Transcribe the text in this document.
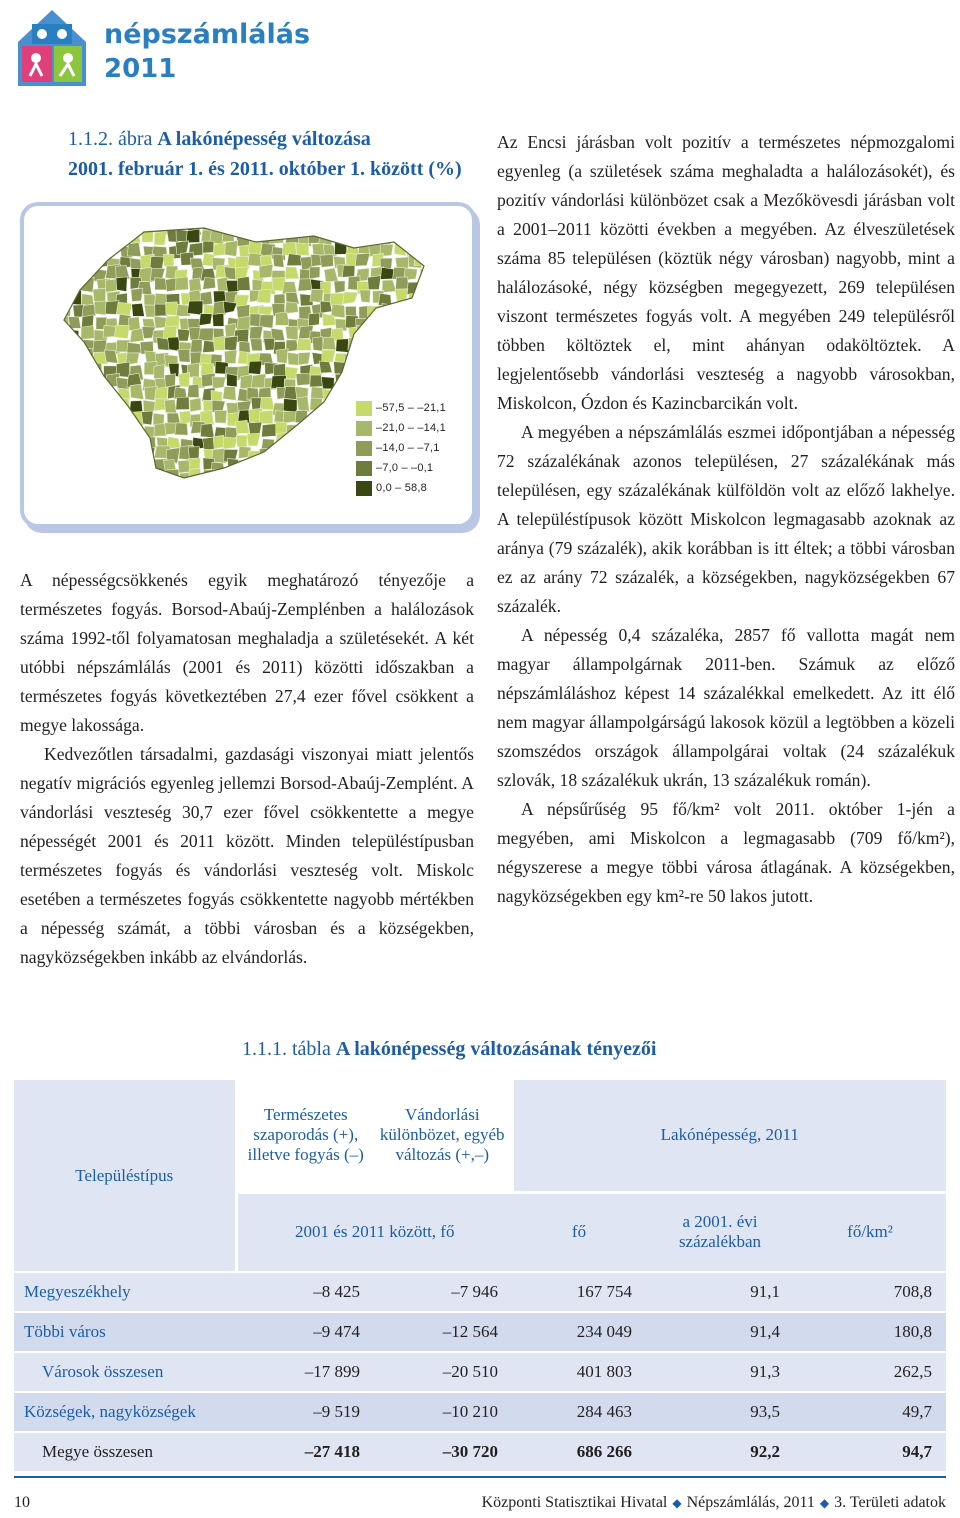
népszámlálás
2011
1.1.2. ábra A lakónépesség változása
2001. február 1. és 2011. október 1. között (%)
–57,5 – –21,1
–21,0 – –14,1
–14,0 – –7,1
–7,0 – –0,1
0,0 – 58,8

A népességcsökkenés egyik meghatározó tényezője a természetes fogyás. Borsod-Abaúj-Zemplénben a halálozások száma 1992-től folyamatosan meghaladja a születésekét. A két utóbbi népszámlálás (2001 és 2011) közötti időszakban a természetes fogyás következtében 27,4 ezer fővel csökkent a megye lakossága.

Kedvezőtlen társadalmi, gazdasági viszonyai miatt jelentős negatív migrációs egyenleg jellemzi Borsod-Abaúj-Zemplént. A vándorlási veszteség 30,7 ezer fővel csökkentette a megye népességét 2001 és 2011 között. Minden településtípusban természetes fogyás és vándorlási veszteség volt. Miskolc esetében a természetes fogyás csökkentette nagyobb mértékben a népesség számát, a többi városban és a községekben, nagyközségekben inkább az elvándorlás.

Az Encsi járásban volt pozitív a természetes népmozgalomi egyenleg (a születések száma meghaladta a halálozásokét), és pozitív vándorlási különbözet csak a Mezőkövesdi járásban volt a 2001–2011 közötti években a megyében. Az élveszületések száma 85 településen (köztük négy városban) nagyobb, mint a halálozásoké, négy községben megegyezett, 269 településen viszont természetes fogyás volt. A megyében 249 településről többen költöztek el, mint ahányan odaköltöztek. A legjelentősebb vándorlási veszteség a nagyobb városokban, Miskolcon, Ózdon és Kazincbarcikán volt.

A megyében a népszámlálás eszmei időpontjában a népesség 72 százalékának azonos településen, 27 százalékának más településen, egy százalékának külföldön volt az előző lakhelye. A településtípusok között Miskolcon legmagasabb azoknak az aránya (79 százalék), akik korábban is itt éltek; a többi városban ez az arány 72 százalék, a községekben, nagyközségekben 67 százalék.

A népesség 0,4 százaléka, 2857 fő vallotta magát nem magyar állampolgárnak 2011-ben. Számuk az előző népszámláláshoz képest 14 százalékkal emelkedett. Az itt élő nem magyar állampolgárságú lakosok közül a legtöbben a közeli szomszédos országok állampolgárai voltak (24 százalékuk szlovák, 18 százalékuk ukrán, 13 százalékuk román).

A népsűrűség 95 fő/km² volt 2011. október 1-jén a megyében, ami Miskolcon a legmagasabb (709 fő/km²), négyszerese a megye többi városa átlagának. A községekben, nagyközségekben egy km²-re 50 lakos jutott.

1.1.1. tábla A lakónépesség változásának tényezői
Településtípus	Természetes szaporodás (+), illetve fogyás (–)	Vándorlási különbözet, egyéb változás (+,–)	Lakónépesség, 2011		
	2001 és 2011 között, fő		fő	a 2001. évi százalékban	fő/km²
Megyeszékhely	–8 425	–7 946	167 754	91,1	708,8
Többi város	–9 474	–12 564	234 049	91,4	180,8
Városok összesen	–17 899	–20 510	401 803	91,3	262,5
Községek, nagyközségek	–9 519	–10 210	284 463	93,5	49,7
Megye összesen	–27 418	–30 720	686 266	92,2	94,7
10	Központi Statisztikai Hivatal ◆ Népszámlálás, 2011 ◆ 3. Területi adatok
